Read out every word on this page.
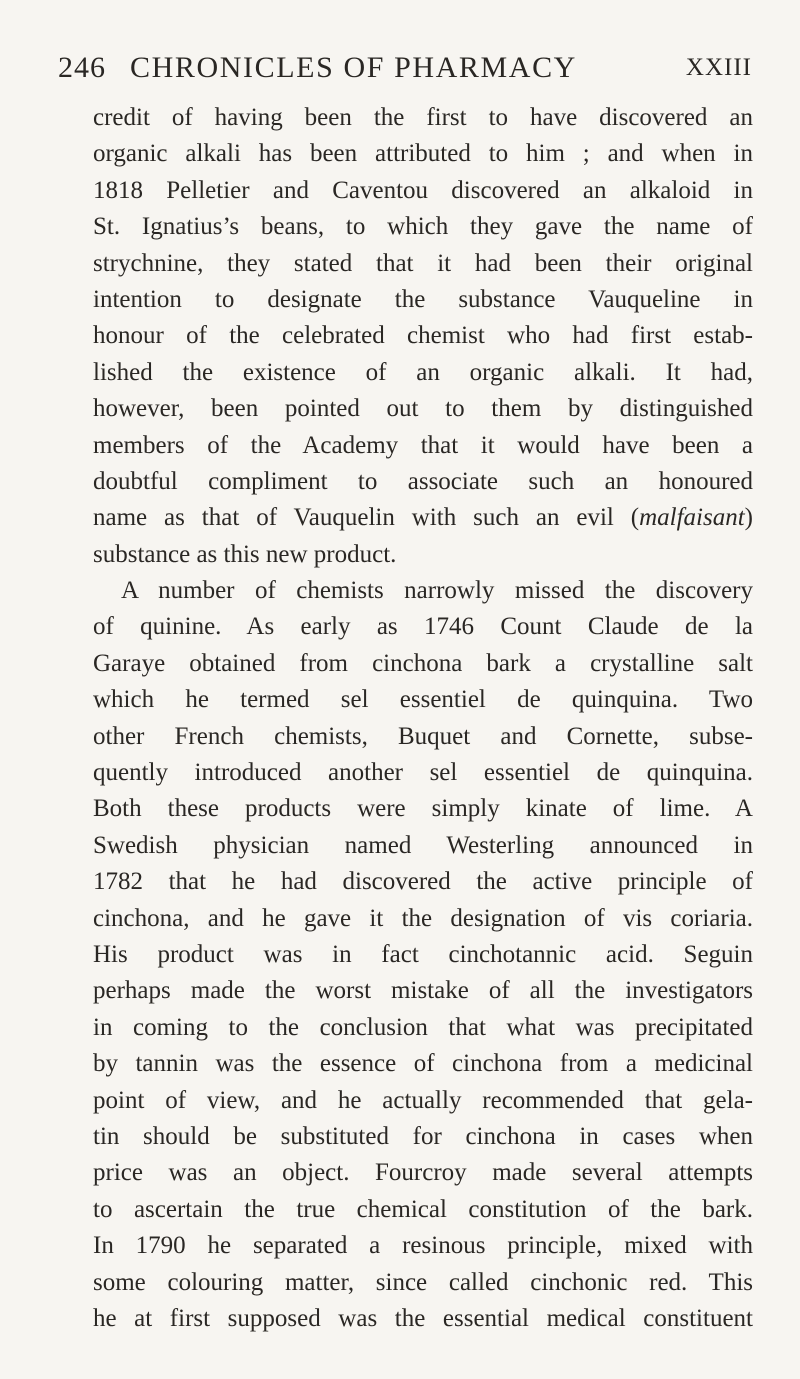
246 CHRONICLES OF PHARMACY	XXIII
credit of having been the first to have discovered an
organic alkali has been attributed to him ; and when in
1818 Pelletier and Caventou discovered an alkaloid in
St. Ignatius’s beans, to which they gave the name of
strychnine, they stated that it had been their original
intention to designate the substance Vauqueline in
honour of the celebrated chemist who had first estab-
lished the existence of an organic alkali. It had,
however, been pointed out to them by distinguished
members of the Academy that it would have been a
doubtful compliment to associate such an honoured
name as that of Vauquelin with such an evil (malfaisant)
substance as this new product.
A number of chemists narrowly missed the discovery
of quinine. As early as 1746 Count Claude de la
Garaye obtained from cinchona bark a crystalline salt
which he termed sel essentiel de quinquina. Two
other French chemists, Buquet and Cornette, subse-
quently introduced another sel essentiel de quinquina.
Both these products were simply kinate of lime. A
Swedish physician named Westerling announced in
1782 that he had discovered the active principle of
cinchona, and he gave it the designation of vis coriaria.
His product was in fact cinchotannic acid. Seguin
perhaps made the worst mistake of all the investigators
in coming to the conclusion that what was precipitated
by tannin was the essence of cinchona from a medicinal
point of view, and he actually recommended that gela-
tin should be substituted for cinchona in cases when
price was an object. Fourcroy made several attempts
to ascertain the true chemical constitution of the bark.
In 1790 he separated a resinous principle, mixed with
some colouring matter, since called cinchonic red. This
he at first supposed was the essential medical constituent
